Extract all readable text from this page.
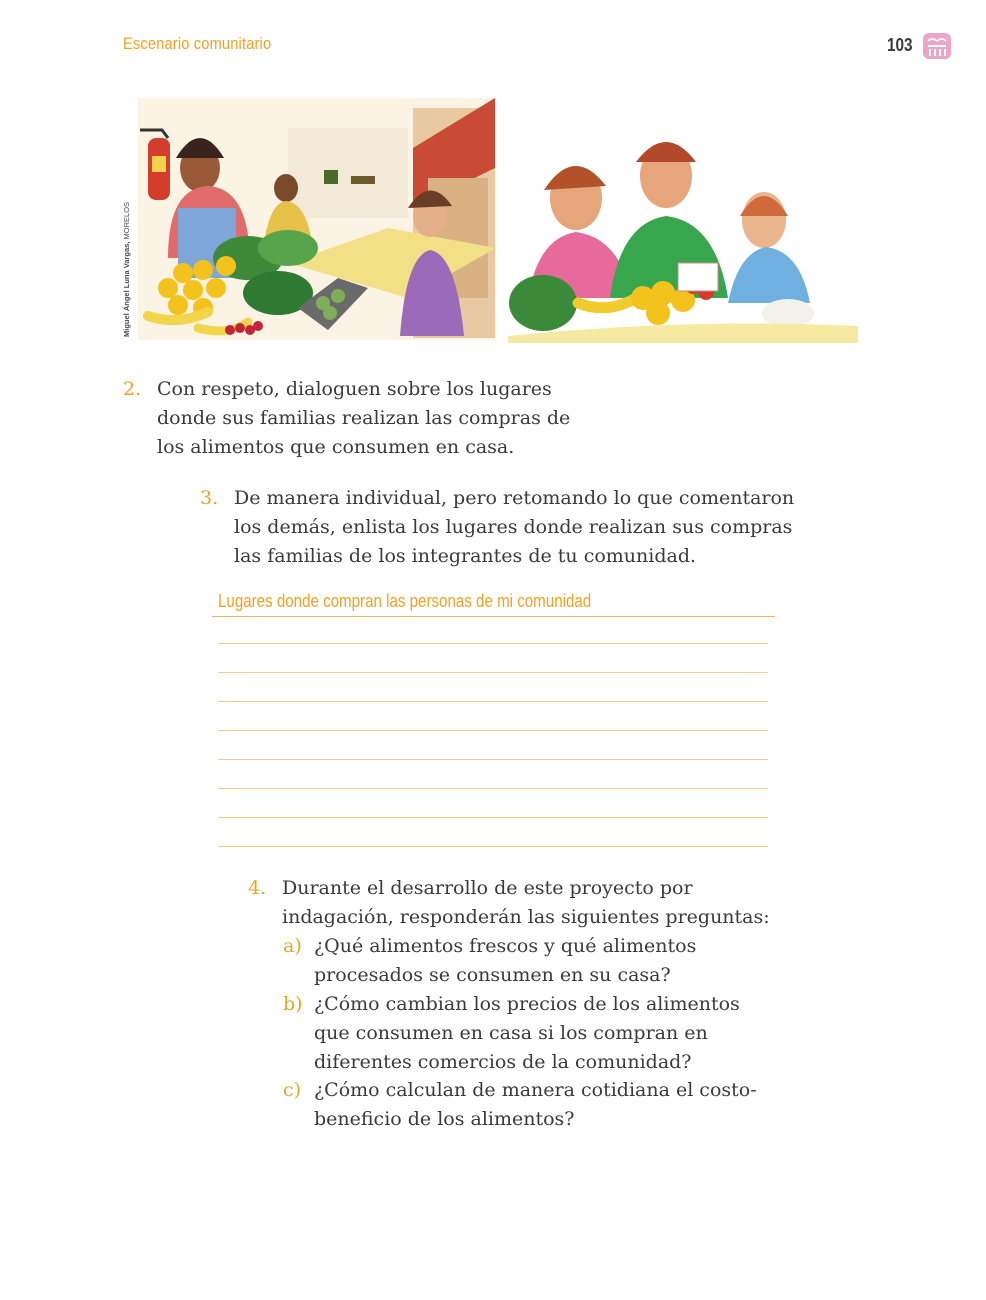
Escenario comunitario	103
Miguel Ángel Luna Vargas, MORELOS
2. Con respeto, dialoguen sobre los lugares
donde sus familias realizan las compras de
los alimentos que consumen en casa.
3. De manera individual, pero retomando lo que comentaron
los demás, enlista los lugares donde realizan sus compras
las familias de los integrantes de tu comunidad.
Lugares donde compran las personas de mi comunidad
4. Durante el desarrollo de este proyecto por
indagación, responderán las siguientes preguntas:
a) ¿Qué alimentos frescos y qué alimentos
procesados se consumen en su casa?
b) ¿Cómo cambian los precios de los alimentos
que consumen en casa si los compran en
diferentes comercios de la comunidad?
c) ¿Cómo calculan de manera cotidiana el costo-
beneficio de los alimentos?
